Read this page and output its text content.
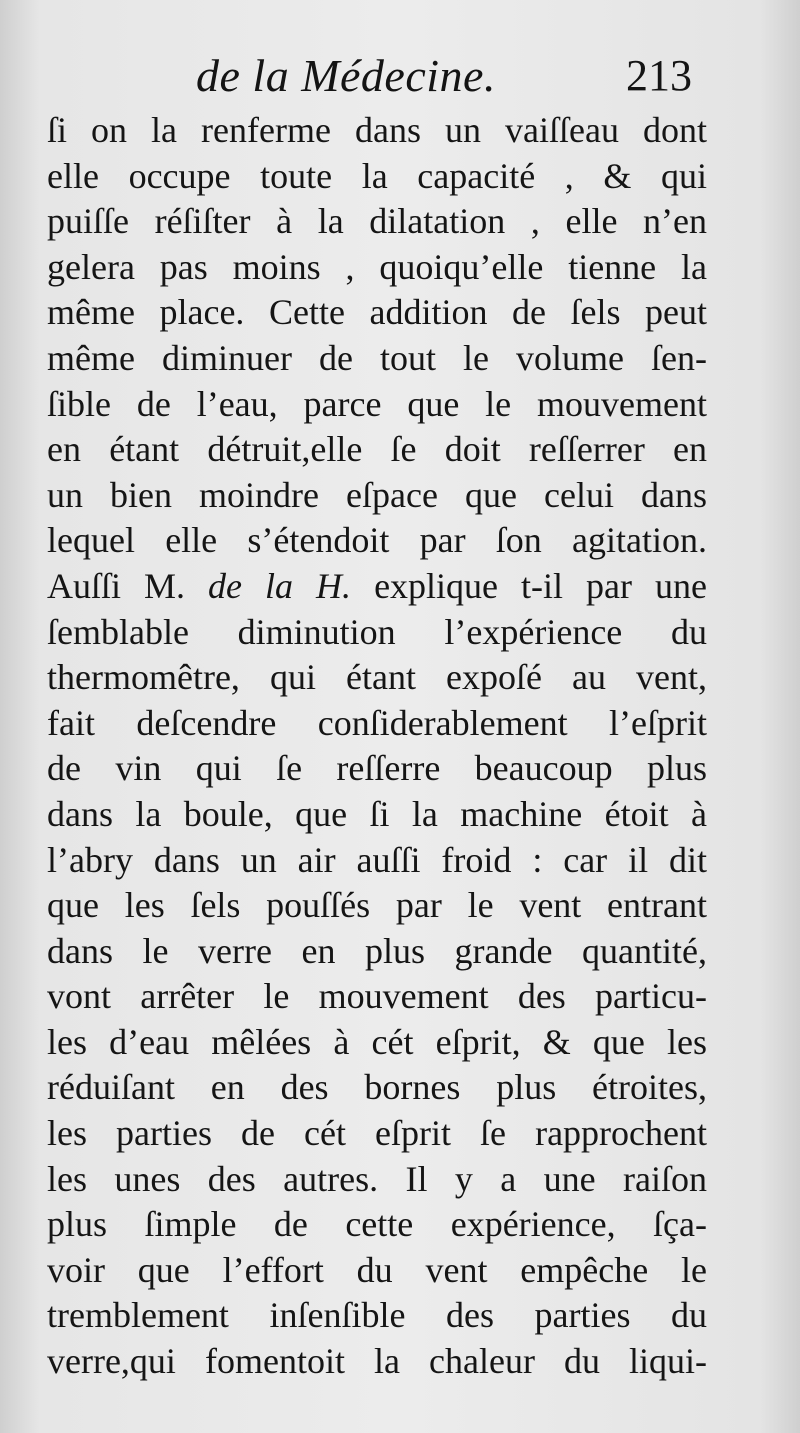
de la Médecine.	213
ſi on la renferme dans un vaiſſeau dont
elle occupe toute la capacité , & qui
puiſſe réſiſter à la dilatation , elle n’en
gelera pas moins , quoiqu’elle tienne la
même place. Cette addition de ſels peut
même diminuer de tout le volume ſen-
ſible de l’eau, parce que le mouvement
en étant détruit,elle ſe doit reſſerrer en
un bien moindre eſpace que celui dans
lequel elle s’étendoit par ſon agitation.
Auſſi M. de la H. explique t-il par une
ſemblable diminution l’expérience du
thermomêtre, qui étant expoſé au vent,
fait deſcendre conſiderablement l’eſprit
de vin qui ſe reſſerre beaucoup plus
dans la boule, que ſi la machine étoit à
l’abry dans un air auſſi froid : car il dit
que les ſels pouſſés par le vent entrant
dans le verre en plus grande quantité,
vont arrêter le mouvement des particu-
les d’eau mêlées à cét eſprit, & que les
réduiſant en des bornes plus étroites,
les parties de cét eſprit ſe rapprochent
les unes des autres. Il y a une raiſon
plus ſimple de cette expérience, ſça-
voir que l’effort du vent empêche le
tremblement inſenſible des parties du
verre,qui fomentoit la chaleur du liqui-
